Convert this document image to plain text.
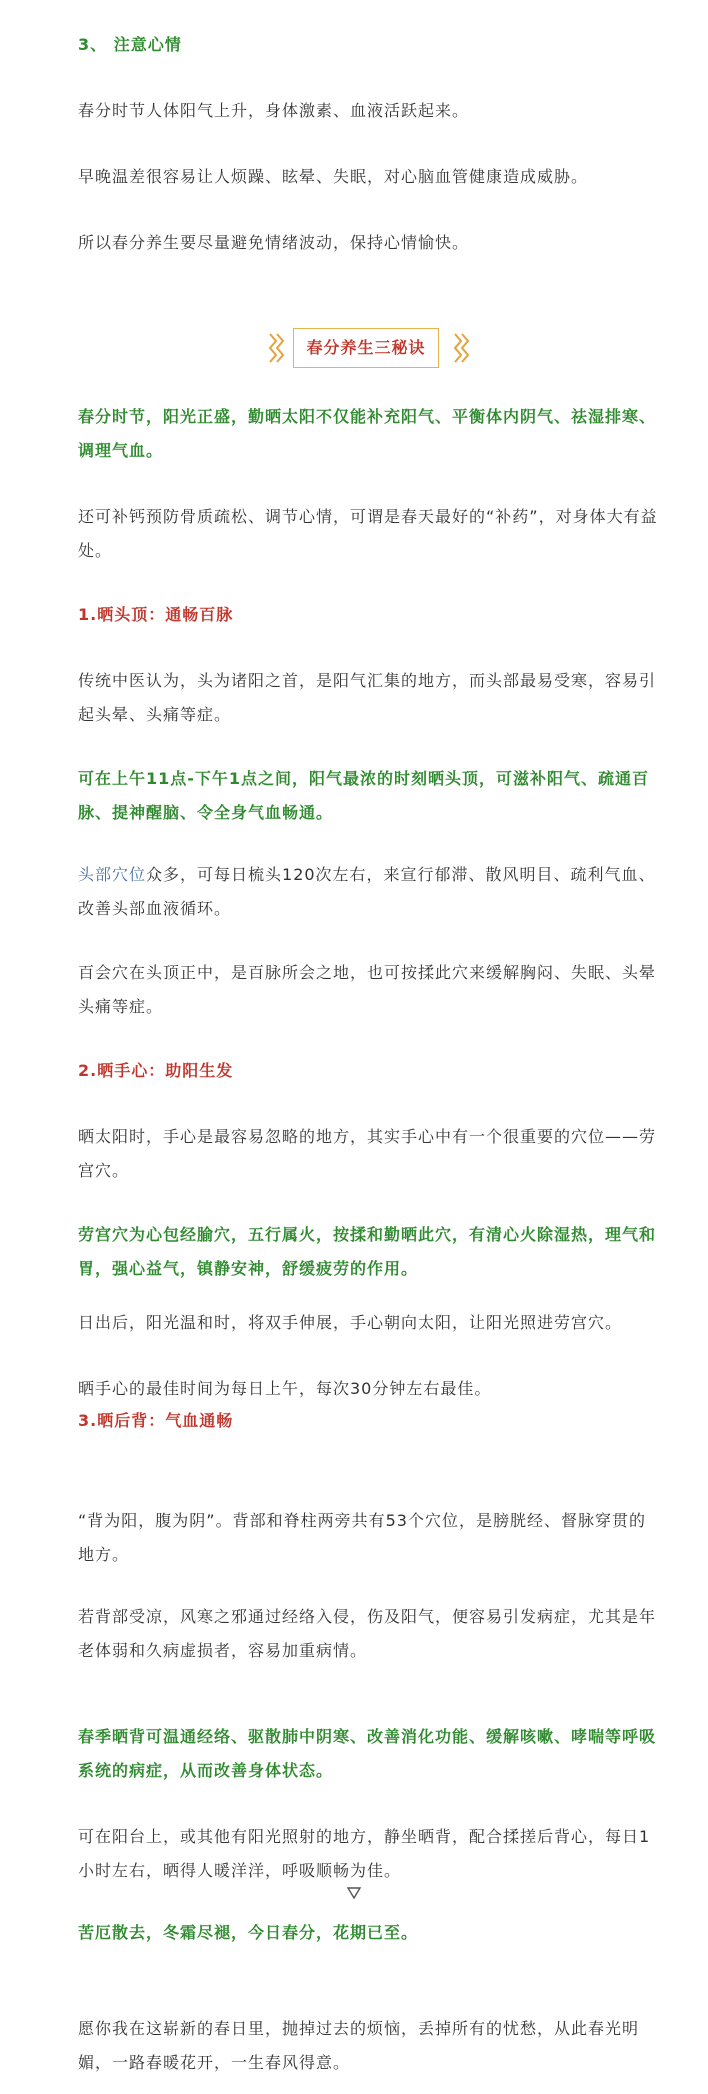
3、 注意心情

春分时节人体阳气上升，身体激素、血液活跃起来。

早晚温差很容易让人烦躁、眩晕、失眠，对心脑血管健康造成威胁。

所以春分养生要尽量避免情绪波动，保持心情愉快。

春分养生三秘诀

春分时节，阳光正盛，勤晒太阳不仅能补充阳气、平衡体内阴气、祛湿排寒、调理气血。

还可补钙预防骨质疏松、调节心情，可谓是春天最好的“补药”，对身体大有益处。

1.晒头顶：通畅百脉

传统中医认为，头为诸阳之首，是阳气汇集的地方，而头部最易受寒，容易引起头晕、头痛等症。

可在上午11点-下午1点之间，阳气最浓的时刻晒头顶，可滋补阳气、疏通百脉、提神醒脑、令全身气血畅通。

头部穴位众多，可每日梳头120次左右，来宣行郁滞、散风明目、疏利气血、改善头部血液循环。

百会穴在头顶正中，是百脉所会之地，也可按揉此穴来缓解胸闷、失眠、头晕头痛等症。

2.晒手心：助阳生发

晒太阳时，手心是最容易忽略的地方，其实手心中有一个很重要的穴位——劳宫穴。

劳宫穴为心包经腧穴，五行属火，按揉和勤晒此穴，有清心火除湿热，理气和胃，强心益气，镇静安神，舒缓疲劳的作用。

日出后，阳光温和时，将双手伸展，手心朝向太阳，让阳光照进劳宫穴。

晒手心的最佳时间为每日上午，每次30分钟左右最佳。

3.晒后背：气血通畅

“背为阳，腹为阴”。背部和脊柱两旁共有53个穴位，是膀胱经、督脉穿贯的地方。

若背部受凉，风寒之邪通过经络入侵，伤及阳气，便容易引发病症，尤其是年老体弱和久病虚损者，容易加重病情。

春季晒背可温通经络、驱散肺中阴寒、改善消化功能、缓解咳嗽、哮喘等呼吸系统的病症，从而改善身体状态。

可在阳台上，或其他有阳光照射的地方，静坐晒背，配合揉搓后背心，每日1小时左右，晒得人暖洋洋，呼吸顺畅为佳。

苦厄散去，冬霜尽褪，今日春分，花期已至。

愿你我在这崭新的春日里，抛掉过去的烦恼，丢掉所有的忧愁，从此春光明媚，一路春暖花开，一生春风得意。
